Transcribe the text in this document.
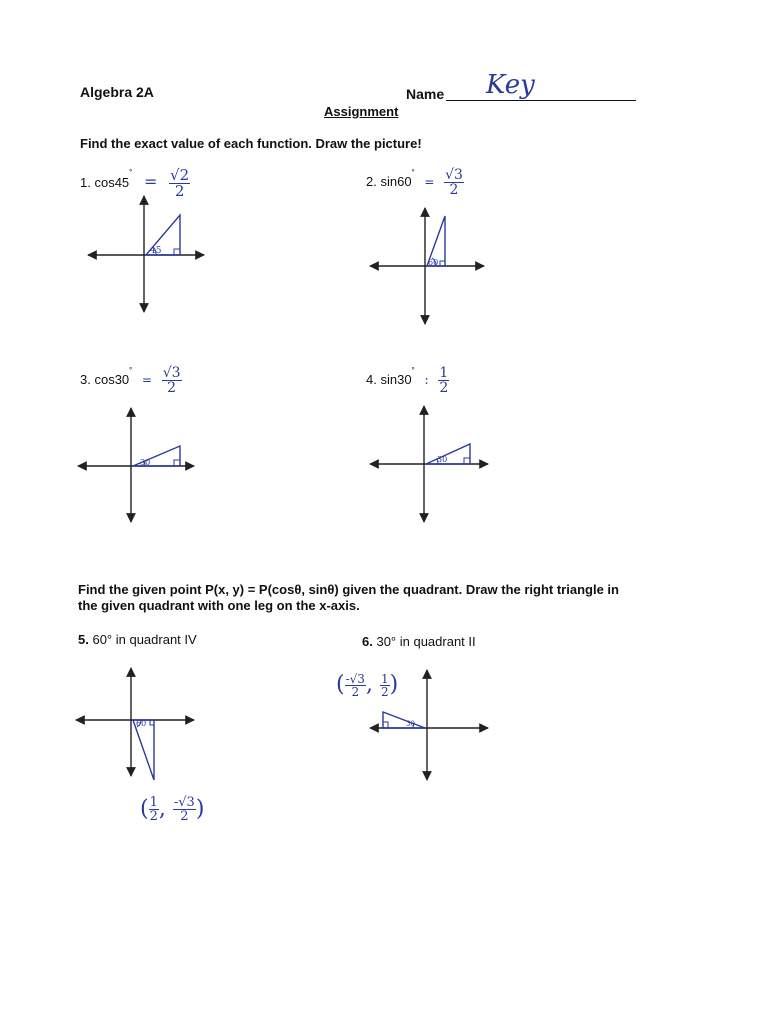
Algebra 2A	Name Key
Assignment
Find the exact value of each function. Draw the picture!
1. $\cos 45^\circ = \frac{√2}{2}$	2. $\sin 60^\circ = \frac{√3}{2}$
3. $\cos 30^\circ = \frac{√3}{2}$	4. sin30° : $\frac{1}{2}$
45
60
30	30
Find the given point P(x, y) = P(cosθ, sinθ) given the quadrant. Draw the right triangle in
the given quadrant with one leg on the x-axis.
5. 60° in quadrant IV	6. 30° in quadrant II
60
( $\frac{1}{2}$ , $\frac{-√3}{2}$ )
( $\frac{-√3}{2}$ , $\frac{1}{2}$ )
30
